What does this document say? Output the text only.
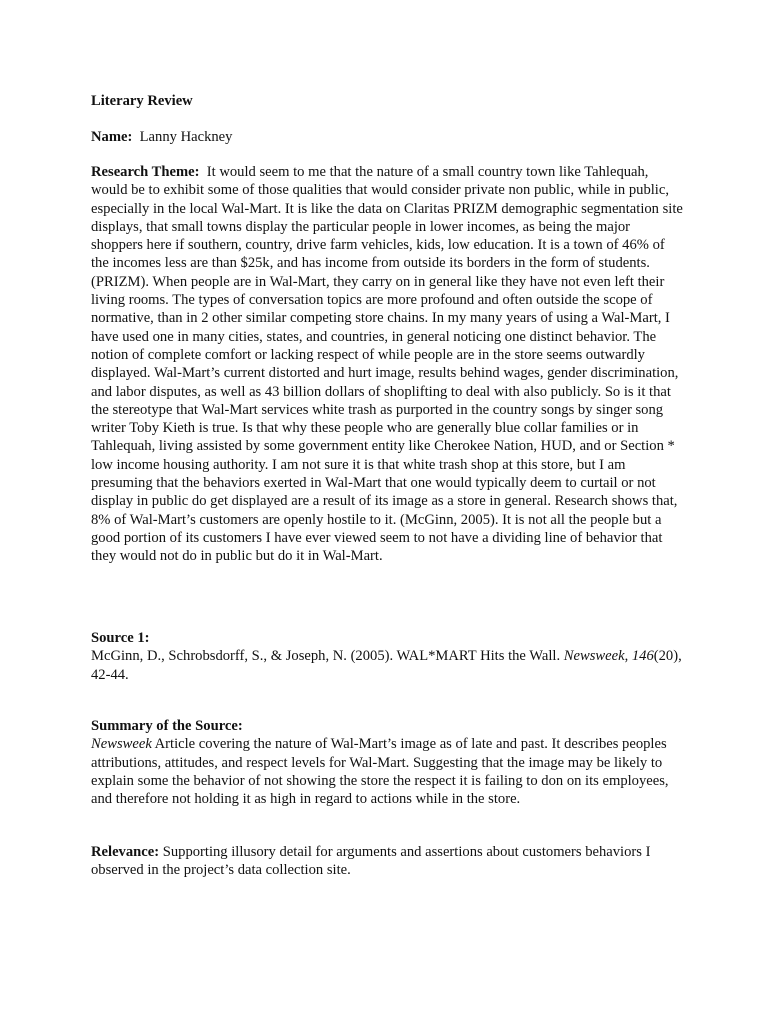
Literary Review

Name: Lanny Hackney

Research Theme: It would seem to me that the nature of a small country town like Tahlequah, would be to exhibit some of those qualities that would consider private non public, while in public, especially in the local Wal-Mart. It is like the data on Claritas PRIZM demographic segmentation site displays, that small towns display the particular people in lower incomes, as being the major shoppers here if southern, country, drive farm vehicles, kids, low education. It is a town of 46% of the incomes less are than $25k, and has income from outside its borders in the form of students. (PRIZM). When people are in Wal-Mart, they carry on in general like they have not even left their living rooms. The types of conversation topics are more profound and often outside the scope of normative, than in 2 other similar competing store chains. In my many years of using a Wal-Mart, I have used one in many cities, states, and countries, in general noticing one distinct behavior. The notion of complete comfort or lacking respect of while people are in the store seems outwardly displayed. Wal-Mart’s current distorted and hurt image, results behind wages, gender discrimination, and labor disputes, as well as 43 billion dollars of shoplifting to deal with also publicly. So is it that the stereotype that Wal-Mart services white trash as purported in the country songs by singer song writer Toby Kieth is true. Is that why these people who are generally blue collar families or in Tahlequah, living assisted by some government entity like Cherokee Nation, HUD, and or Section * low income housing authority. I am not sure it is that white trash shop at this store, but I am presuming that the behaviors exerted in Wal-Mart that one would typically deem to curtail or not display in public do get displayed are a result of its image as a store in general. Research shows that, 8% of Wal-Mart’s customers are openly hostile to it. (McGinn, 2005). It is not all the people but a good portion of its customers I have ever viewed seem to not have a dividing line of behavior that they would not do in public but do it in Wal-Mart.

Source 1:
McGinn, D., Schrobsdorff, S., & Joseph, N. (2005). WAL*MART Hits the Wall. Newsweek, 146(20), 42-44.
Summary of the Source:
Newsweek Article covering the nature of Wal-Mart’s image as of late and past. It describes peoples attributions, attitudes, and respect levels for Wal-Mart. Suggesting that the image may be likely to explain some the behavior of not showing the store the respect it is failing to don on its employees, and therefore not holding it as high in regard to actions while in the store.

Relevance: Supporting illusory detail for arguments and assertions about customers behaviors I observed in the project’s data collection site.
